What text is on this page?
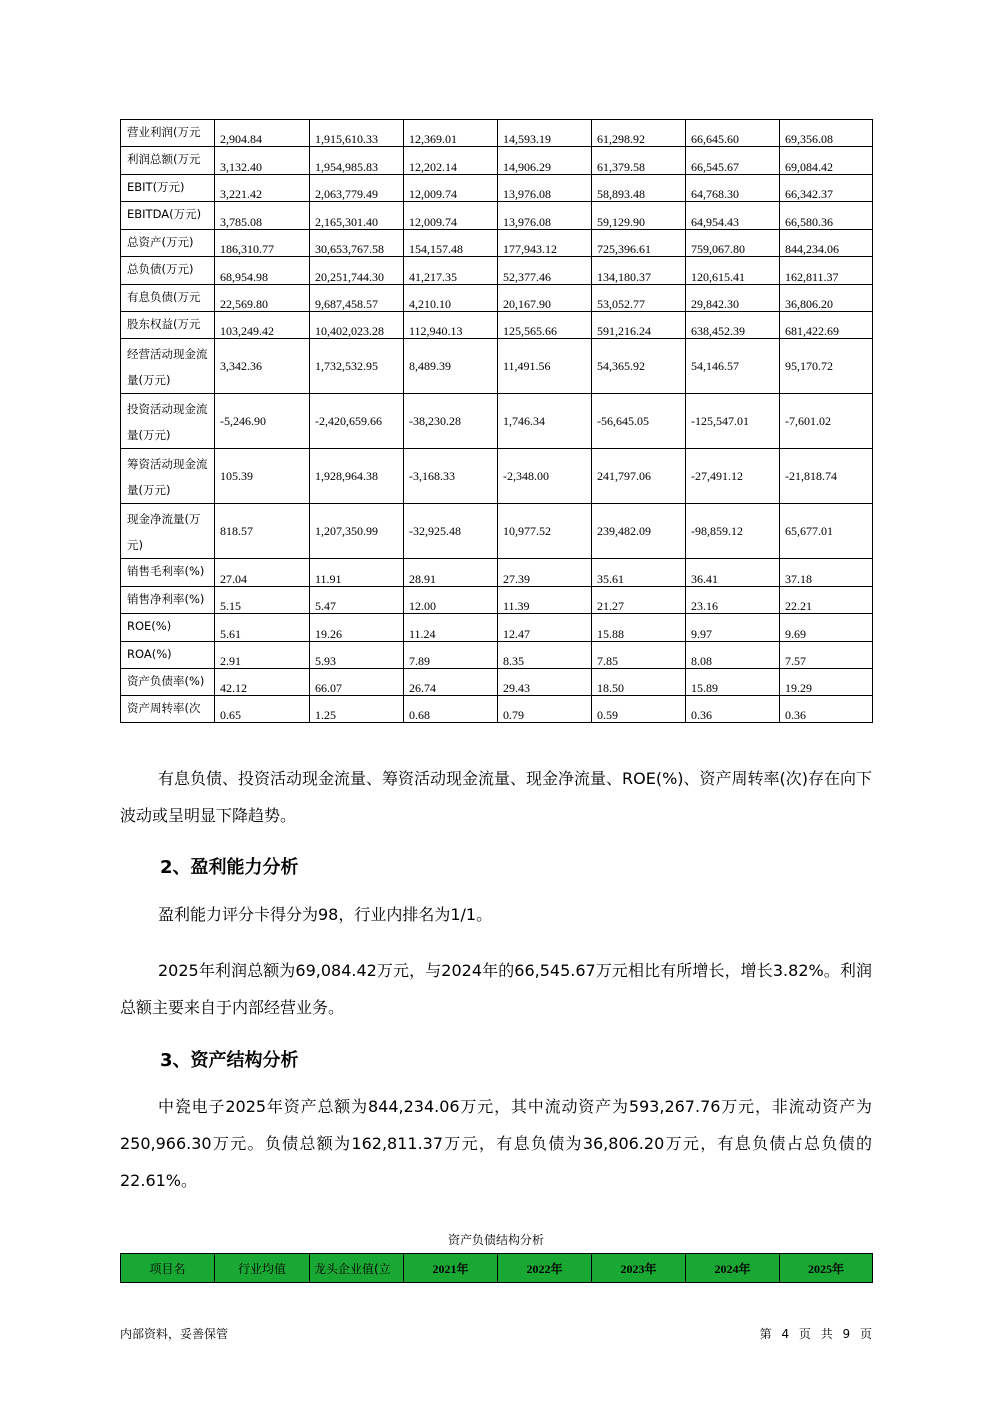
营业利润(万元	2,904.84	1,915,610.33	12,369.01	14,593.19	61,298.92	66,645.60	69,356.08
利润总额(万元	3,132.40	1,954,985.83	12,202.14	14,906.29	61,379.58	66,545.67	69,084.42
EBIT(万元)	3,221.42	2,063,779.49	12,009.74	13,976.08	58,893.48	64,768.30	66,342.37
EBITDA(万元)	3,785.08	2,165,301.40	12,009.74	13,976.08	59,129.90	64,954.43	66,580.36
总资产(万元)	186,310.77	30,653,767.58	154,157.48	177,943.12	725,396.61	759,067.80	844,234.06
总负债(万元)	68,954.98	20,251,744.30	41,217.35	52,377.46	134,180.37	120,615.41	162,811.37
有息负债(万元	22,569.80	9,687,458.57	4,210.10	20,167.90	53,052.77	29,842.30	36,806.20
股东权益(万元	103,249.42	10,402,023.28	112,940.13	125,565.66	591,216.24	638,452.39	681,422.69
经营活动现金流量(万元)	3,342.36	1,732,532.95	8,489.39	11,491.56	54,365.92	54,146.57	95,170.72
投资活动现金流量(万元)	-5,246.90	-2,420,659.66	-38,230.28	1,746.34	-56,645.05	-125,547.01	-7,601.02
筹资活动现金流量(万元)	105.39	1,928,964.38	-3,168.33	-2,348.00	241,797.06	-27,491.12	-21,818.74
现金净流量(万元)	818.57	1,207,350.99	-32,925.48	10,977.52	239,482.09	-98,859.12	65,677.01
销售毛利率(%)	27.04	11.91	28.91	27.39	35.61	36.41	37.18
销售净利率(%)	5.15	5.47	12.00	11.39	21.27	23.16	22.21
ROE(%)	5.61	19.26	11.24	12.47	15.88	9.97	9.69
ROA(%)	2.91	5.93	7.89	8.35	7.85	8.08	7.57
资产负债率(%)	42.12	66.07	26.74	29.43	18.50	15.89	19.29
资产周转率(次	0.65	1.25	0.68	0.79	0.59	0.36	0.36
有息负债、投资活动现金流量、筹资活动现金流量、现金净流量、ROE(%)、资产周转率(次)存在向下波动或呈明显下降趋势。
2、盈利能力分析
盈利能力评分卡得分为98，行业内排名为1/1。
2025年利润总额为69,084.42万元，与2024年的66,545.67万元相比有所增长，增长3.82%。利润总额主要来自于内部经营业务。
3、资产结构分析
中瓷电子2025年资产总额为844,234.06万元，其中流动资产为593,267.76万元，非流动资产为250,966.30万元。负债总额为162,811.37万元，有息负债为36,806.20万元，有息负债占总负债的22.61%。
资产负债结构分析
项目名	行业均值	龙头企业值(立	2021年	2022年	2023年	2024年	2025年
内部资料，妥善保管	第 4 页 共 9 页
